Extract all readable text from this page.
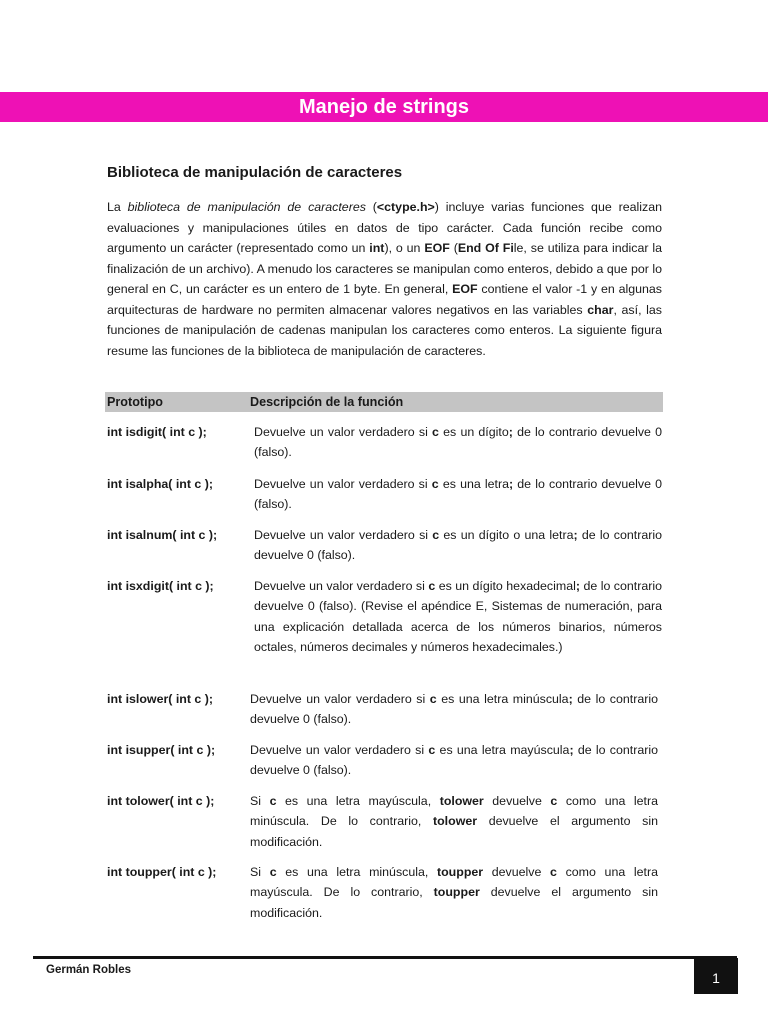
Manejo de strings
Biblioteca de manipulación de caracteres

La biblioteca de manipulación de caracteres (<ctype.h>) incluye varias funciones que realizan evaluaciones y manipulaciones útiles en datos de tipo carácter. Cada función recibe como argumento un carácter (representado como un int), o un EOF (End Of File, se utiliza para indicar la finalización de un archivo). A menudo los caracteres se manipulan como enteros, debido a que por lo general en C, un carácter es un entero de 1 byte. En general, EOF contiene el valor -1 y en algunas arquitecturas de hardware no permiten almacenar valores negativos en las variables char, así, las funciones de manipulación de cadenas manipulan los caracteres como enteros. La siguiente figura resume las funciones de la biblioteca de manipulación de caracteres.

Prototipo	Descripción de la función
int isdigit( int c );	Devuelve un valor verdadero si c es un dígito; de lo contrario devuelve 0 (falso).
int isalpha( int c );	Devuelve un valor verdadero si c es una letra; de lo contrario devuelve 0 (falso).
int isalnum( int c );	Devuelve un valor verdadero si c es un dígito o una letra; de lo contrario devuelve 0 (falso).
int isxdigit( int c );	Devuelve un valor verdadero si c es un dígito hexadecimal; de lo contrario devuelve 0 (falso). (Revise el apéndice E, Sistemas de numeración, para una explicación detallada acerca de los números binarios, números octales, números decimales y números hexadecimales.)
int islower( int c );	Devuelve un valor verdadero si c es una letra minúscula; de lo contrario devuelve 0 (falso).
int isupper( int c );	Devuelve un valor verdadero si c es una letra mayúscula; de lo contrario devuelve 0 (falso).
int tolower( int c );	Si c es una letra mayúscula, tolower devuelve c como una letra minúscula. De lo contrario, tolower devuelve el argumento sin modificación.
int toupper( int c );	Si c es una letra minúscula, toupper devuelve c como una letra mayúscula. De lo contrario, toupper devuelve el argumento sin modificación.
Germán Robles	1
